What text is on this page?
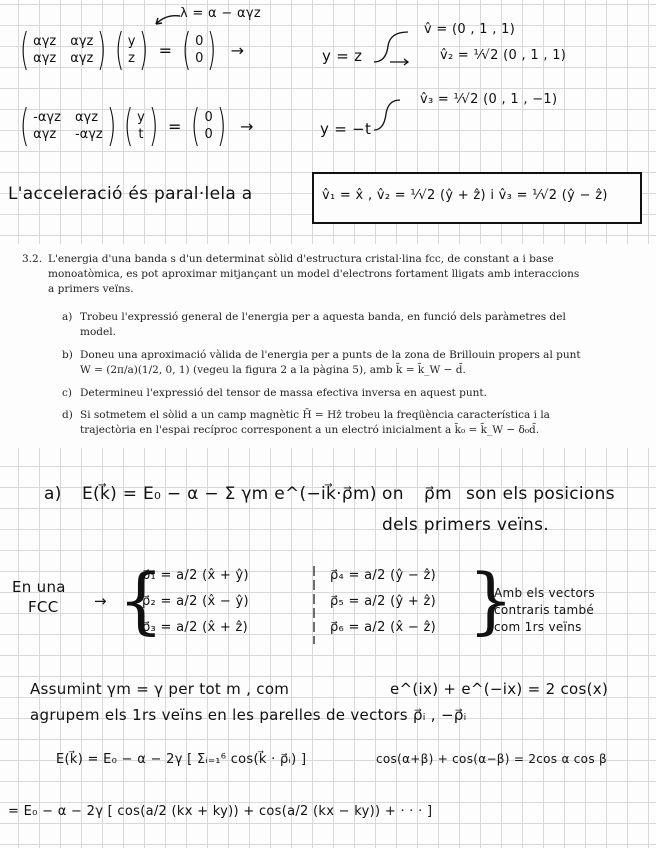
λ = α − αγz
( αγz αγz
αγz αγz ) ( y
z ) = ( 0
0 ) →	y = z
v̂ = (0 , 1 , 1)
v̂₂ = ¹⁄√2 (0 , 1 , 1)
( -αγz αγz
αγz	-αγz ) ( y
t ) = ( 0
0 ) →	y = −t
v̂₃ = ¹⁄√2 (0 , 1 , −1)
L'acceleració és paral·lela a	v̂₁ = x̂ , v̂₂ = ¹⁄√2 (ŷ + ẑ) i v̂₃ = ¹⁄√2 (ŷ − ẑ)
3.2. L'energia d'una banda s d'un determinat sòlid d'estructura cristal·lina fcc, de constant a i base
monoatòmica, es pot aproximar mitjançant un model d'electrons fortament lligats amb interaccions
a primers veïns.
a) Trobeu l'expressió general de l'energia per a aquesta banda, en funció dels paràmetres del
model.
b) Doneu una aproximació vàlida de l'energia per a punts de la zona de Brillouin propers al punt
W = (2π/a)(1/2, 0, 1) (vegeu la figura 2 a la pàgina 5), amb k̄ = k̄_W − d̄.
c) Determineu l'expressió del tensor de massa efectiva inversa en aquest punt.
d) Si sotmetem el sòlid a un camp magnètic H̄ = Hẑ trobeu la freqüència característica i la
trajectòria en l'espai recíproc corresponent a un electró inicialment a k̄₀ = k̄_W − δ₀d̄.
a) E(k⃗) = E₀ − α − Σ γm e^(−ik⃗·ρ⃗m) on ρ⃗m son els posicions
dels primers veïns.
En una
FCC → {
ρ⃗₁ = a/2 (x̂ + ŷ)
ρ⃗₂ = a/2 (x̂ − ŷ)
ρ⃗₃ = a/2 (x̂ + ẑ)
ρ⃗₄ = a/2 (ŷ − ẑ)
ρ⃗₅ = a/2 (ŷ + ẑ)
ρ⃗₆ = a/2 (x̂ − ẑ) }
Amb els vectors
contraris també
com 1rs veïns
Assumint γm = γ per tot m , com	e^(ix) + e^(−ix) = 2 cos(x)
agrupem els 1rs veïns en les parelles de vectors ρ⃗ᵢ , −ρ⃗ᵢ
E(k⃗) = E₀ − α − 2γ [ Σᵢ₌₁⁶ cos(k⃗ · ρ⃗ᵢ) ]	cos(α+β) + cos(α−β) = 2cos α cos β
= E₀ − α − 2γ [ cos(a/2 (kx + ky)) + cos(a/2 (kx − ky)) + · · · ]
